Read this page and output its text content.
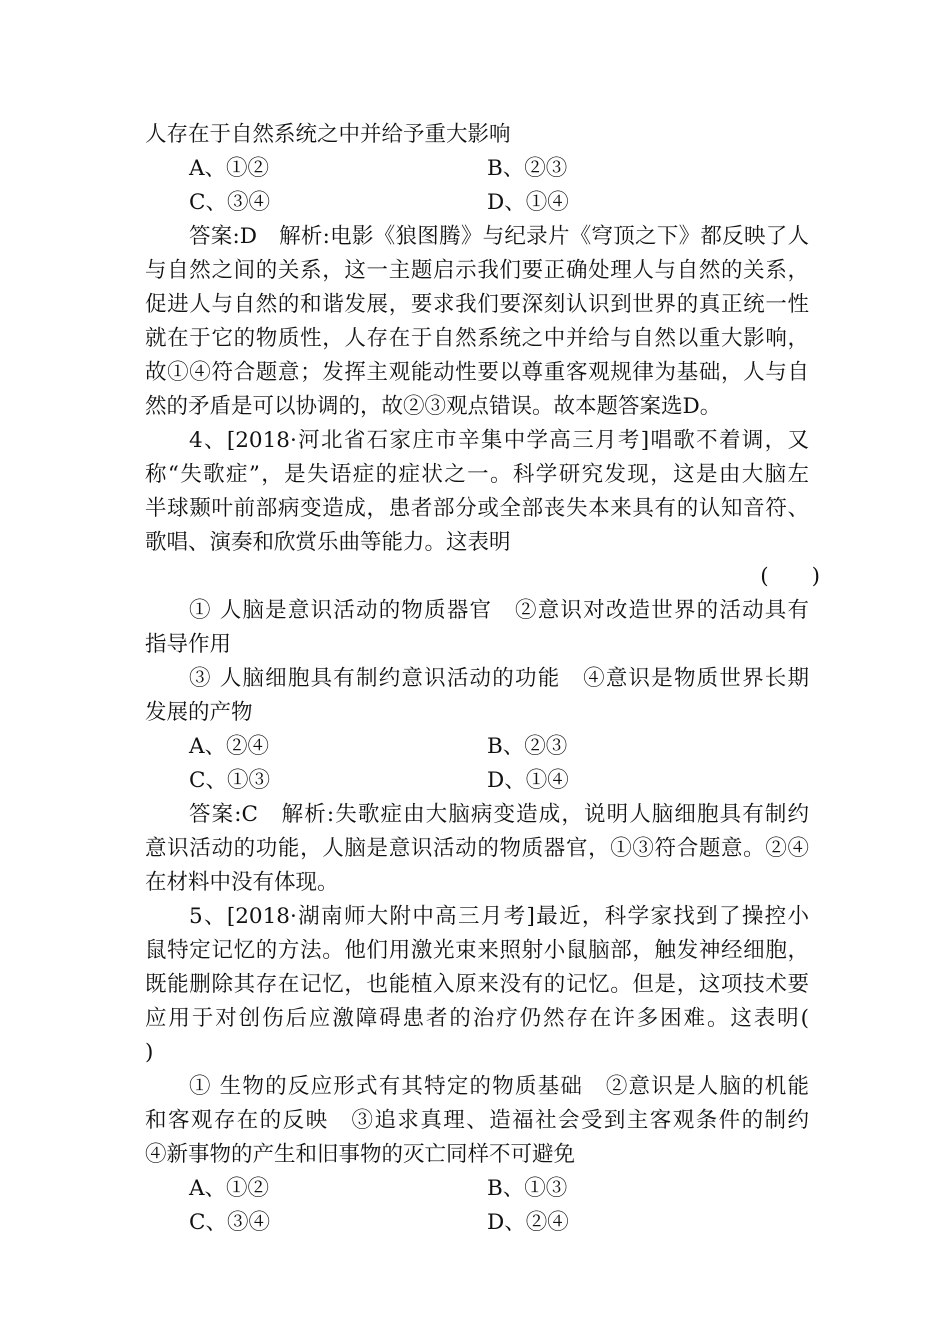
人存在于自然系统之中并给予重大影响
A、①②	B、②③
C、③④	D、①④
答案:D　解析:电影《狼图腾》与纪录片《穹顶之下》都反映了人
与自然之间的关系，这一主题启示我们要正确处理人与自然的关系，
促进人与自然的和谐发展，要求我们要深刻认识到世界的真正统一性
就在于它的物质性，人存在于自然系统之中并给与自然以重大影响，
故①④符合题意；发挥主观能动性要以尊重客观规律为基础，人与自
然的矛盾是可以协调的，故②③观点错误。故本题答案选D。
4、[2018·河北省石家庄市辛集中学高三月考]唱歌不着调，又
称“失歌症”，是失语症的症状之一。科学研究发现，这是由大脑左
半球颞叶前部病变造成，患者部分或全部丧失本来具有的认知音符、
歌唱、演奏和欣赏乐曲等能力。这表明
(　　)
① 人脑是意识活动的物质器官　②意识对改造世界的活动具有
指导作用
③ 人脑细胞具有制约意识活动的功能　④意识是物质世界长期
发展的产物
A、②④	B、②③
C、①③	D、①④
答案:C　解析:失歌症由大脑病变造成，说明人脑细胞具有制约
意识活动的功能，人脑是意识活动的物质器官，①③符合题意。②④
在材料中没有体现。
5、[2018·湖南师大附中高三月考]最近，科学家找到了操控小
鼠特定记忆的方法。他们用激光束来照射小鼠脑部，触发神经细胞，
既能删除其存在记忆，也能植入原来没有的记忆。但是，这项技术要
应用于对创伤后应激障碍患者的治疗仍然存在许多困难。这表明(
)
① 生物的反应形式有其特定的物质基础　②意识是人脑的机能
和客观存在的反映　③追求真理、造福社会受到主客观条件的制约
④新事物的产生和旧事物的灭亡同样不可避免
A、①②	B、①③
C、③④	D、②④
